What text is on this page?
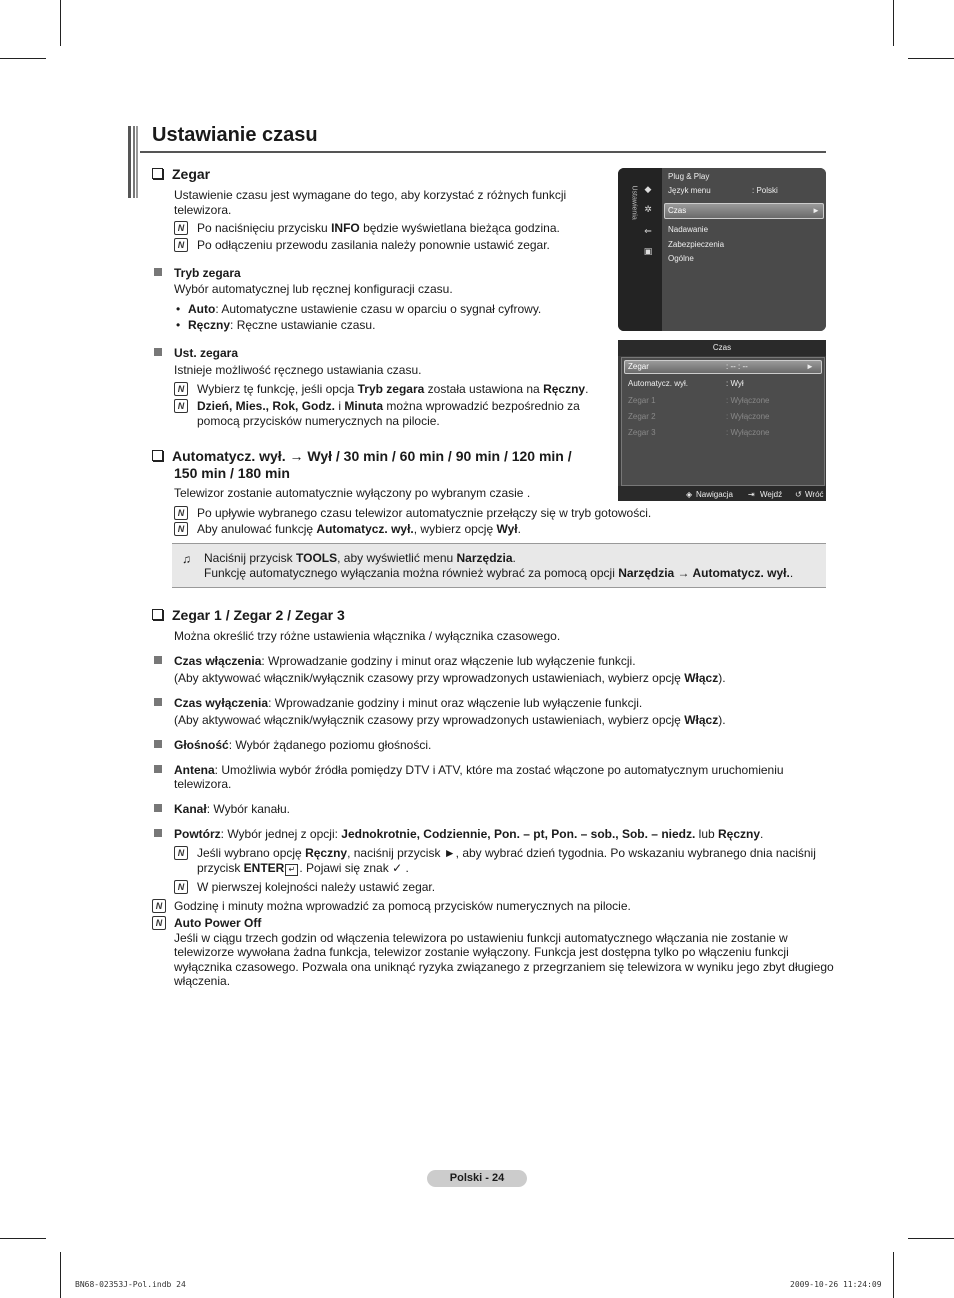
Ustawianie czasu
Zegar
Ustawienie czasu jest wymagane do tego, aby korzystać z różnych funkcji telewizora.
N	Po naciśnięciu przycisku INFO będzie wyświetlana bieżąca godzina.
N	Po odłączeniu przewodu zasilania należy ponownie ustawić zegar.
Tryb zegara
Wybór automatycznej lub ręcznej konfiguracji czasu.
• Auto: Automatyczne ustawienie czasu w oparciu o sygnał cyfrowy.
• Ręczny: Ręczne ustawianie czasu.
Ust. zegara
Istnieje możliwość ręcznego ustawiania czasu.
N	Wybierz tę funkcję, jeśli opcja Tryb zegara została ustawiona na Ręczny.
N	Dzień, Mies., Rok, Godz. i Minuta można wprowadzić bezpośrednio za pomocą przycisków numerycznych na pilocie.
Ustawienia ◆
✲
⇐
▣
Plug & Play
Język menu	: Polski
Czas	►
Nadawanie
Zabezpieczenia
Ogólne
Czas
Zegar	: -- : --	►
Automatycz. wył.	: Wył
Zegar 1	: Wyłączone
Zegar 2	: Wyłączone
Zegar 3	: Wyłączone
◈ Nawigacja ⇥ Wejdź ↺ Wróć
Automatycz. wył. → Wył / 30 min / 60 min / 90 min / 120 min /
150 min / 180 min
Telewizor zostanie automatycznie wyłączony po wybranym czasie .
N	Po upływie wybranego czasu telewizor automatycznie przełączy się w tryb gotowości.
N	Aby anulować funkcję Automatycz. wył., wybierz opcję Wył.
♫ Naciśnij przycisk TOOLS, aby wyświetlić menu Narzędzia.
Funkcję automatycznego wyłączania można również wybrać za pomocą opcji Narzędzia → Automatycz. wył..
Zegar 1 / Zegar 2 / Zegar 3
Można określić trzy różne ustawienia włącznika / wyłącznika czasowego.
Czas włączenia: Wprowadzanie godziny i minut oraz włączenie lub wyłączenie funkcji.
(Aby aktywować włącznik/wyłącznik czasowy przy wprowadzonych ustawieniach, wybierz opcję Włącz).
Czas wyłączenia: Wprowadzanie godziny i minut oraz włączenie lub wyłączenie funkcji.
(Aby aktywować włącznik/wyłącznik czasowy przy wprowadzonych ustawieniach, wybierz opcję Włącz).
Głośność: Wybór żądanego poziomu głośności.
Antena: Umożliwia wybór źródła pomiędzy DTV i ATV, które ma zostać włączone po automatycznym uruchomieniu
telewizora.
Kanał: Wybór kanału.
Powtórz: Wybór jednej z opcji: Jednokrotnie, Codziennie, Pon. – pt, Pon. – sob., Sob. – niedz. lub Ręczny.
N	Jeśli wybrano opcję Ręczny, naciśnij przycisk ►, aby wybrać dzień tygodnia. Po wskazaniu wybranego dnia naciśnij
przycisk ENTER ↵ . Pojawi się znak ✓ .
N	W pierwszej kolejności należy ustawić zegar.
N Godzinę i minuty można wprowadzić za pomocą przycisków numerycznych na pilocie.
N Auto Power Off
Jeśli w ciągu trzech godzin od włączenia telewizora po ustawieniu funkcji automatycznego włączania nie zostanie w
telewizorze wywołana żadna funkcja, telewizor zostanie wyłączony. Funkcja jest dostępna tylko po włączeniu funkcji
wyłącznika czasowego. Pozwala ona uniknąć ryzyka związanego z przegrzaniem się telewizora w wyniku jego zbyt długiego
włączenia.
Polski - 24
BN68-02353J-Pol.indb 24	2009-10-26 11:24:09
